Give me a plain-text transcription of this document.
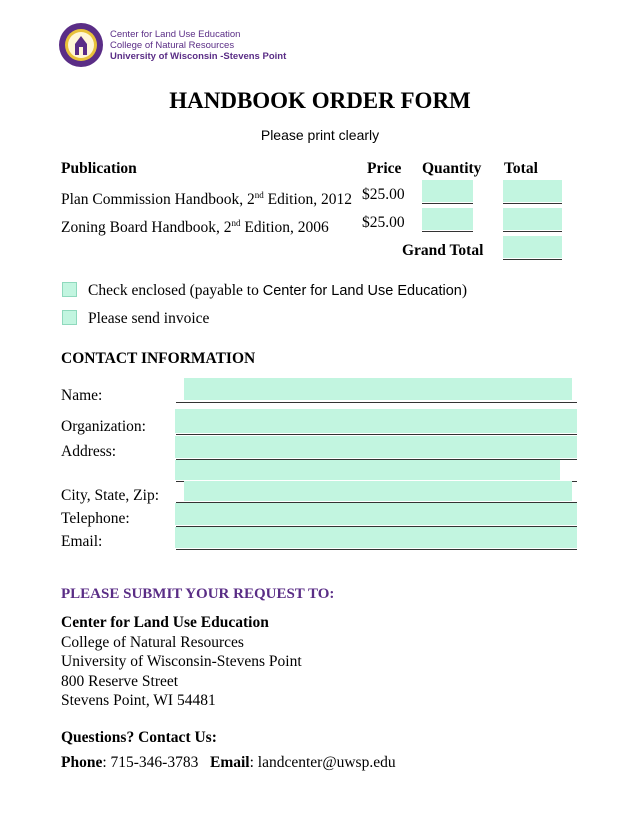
Center for Land Use Education
College of Natural Resources
University of Wisconsin -Stevens Point
HANDBOOK ORDER FORM
Please print clearly
Publication	Price Quantity Total
Plan Commission Handbook, 2nd Edition, 2012 $25.00
Zoning Board Handbook, 2nd Edition, 2006 $25.00
Grand Total
Check enclosed (payable to Center for Land Use Education)
Please send invoice
CONTACT INFORMATION
Name:
Organization:
Address:
City, State, Zip:
Telephone:
Email:
PLEASE SUBMIT YOUR REQUEST TO:
Center for Land Use Education
College of Natural Resources
University of Wisconsin-Stevens Point
800 Reserve Street
Stevens Point, WI 54481
Questions? Contact Us:
Phone: 715-346-3783 Email: landcenter@uwsp.edu
